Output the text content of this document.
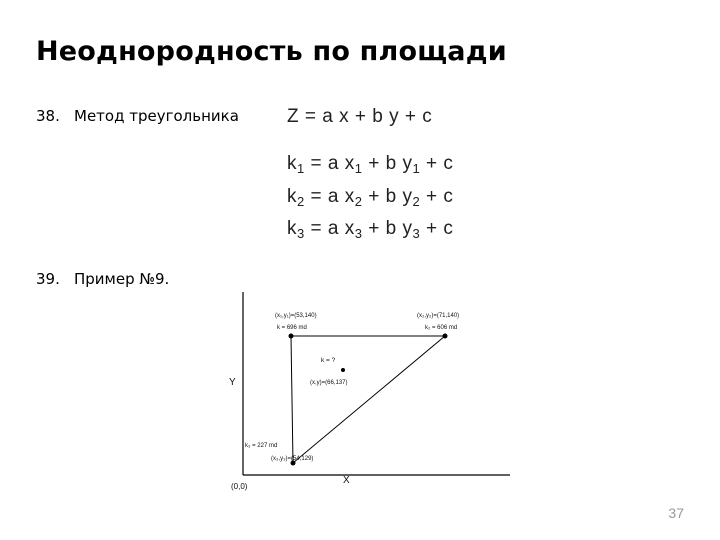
Неоднородность по площади
38. Метод треугольника
39. Пример №9.
Z = a x + b y + c
$k_1 = a$ $x_1 + b$ $y_1 + c$
$k_2 = a$ $x_2 + b$ $y_2 + c$
$k_3 = a$ $x_3 + b$ $y_3 + c$
Y
X
(0,0)
(x₁,y₁)=(53,140)
k = 696 md
(x₂,y₂)=(71,140)
k₂ = 606 md
k₃ = 227 md
(x₃,y₃)=(54,129)
k = ?
(x,y)=(66,137)
37
